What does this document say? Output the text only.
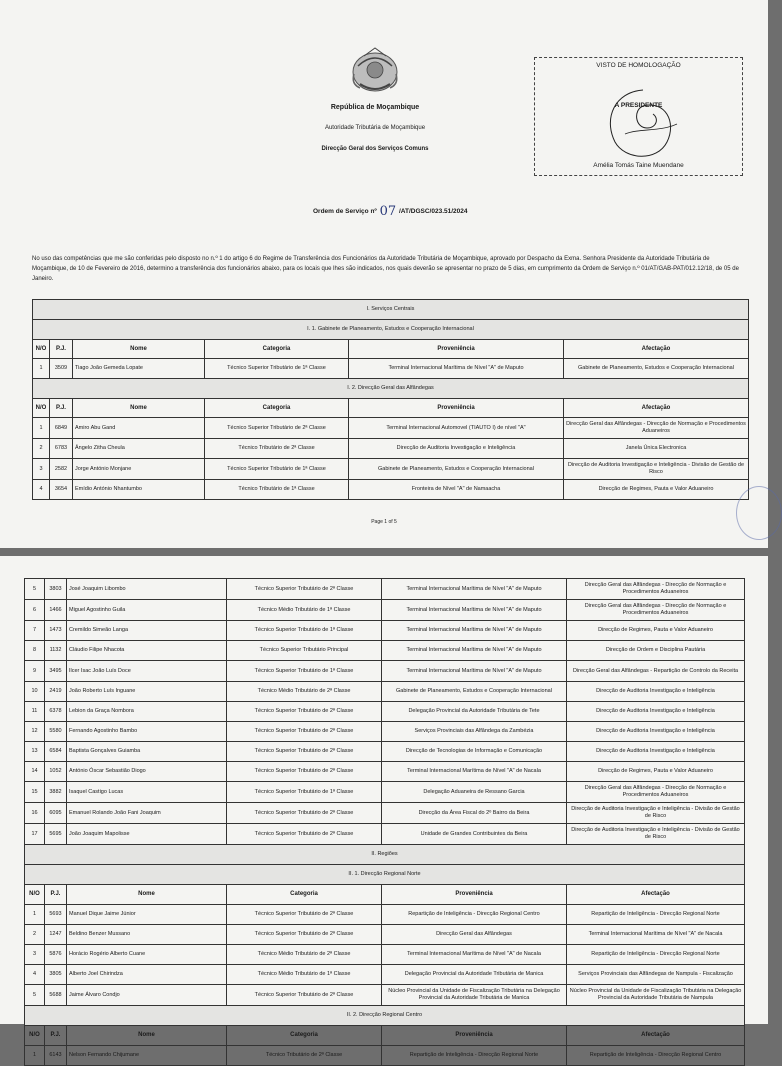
República de Moçambique
Autoridade Tributária de Moçambique
Direcção Geral dos Serviços Comuns
VISTO DE HOMOLOGAÇÃO
A PRESIDENTE
Amélia Tomás Taine Muendane
Ordem de Serviço nº 07 /AT/DGSC/023.51/2024

No uso das competências que me são conferidas pelo disposto no n.º 1 do artigo 6 do Regime de Transferência dos Funcionários da Autoridade Tributária de Moçambique, aprovado por Despacho da Exma. Senhora Presidente da Autoridade Tributária de Moçambique, de 10 de Fevereiro de 2016, determino a transferência dos funcionários abaixo, para os locais que lhes são indicados, nos quais deverão se apresentar no prazo de 5 dias, em cumprimento da Ordem de Serviço n.º 01/AT/GAB-PAT/012.12/18, de 05 de Janeiro.

I. Serviços Centrais					
I. 1. Gabinete de Planeamento, Estudos e Cooperação Internacional					
N/O	P.J.	Nome	Categoria	Proveniência	Afectação
1	3509	Tiago João Gemeda Lopate	Técnico Superior Tributário de 1ª Classe	Terminal Internacional Marítima de Nível "A" de Maputo	Gabinete de Planeamento, Estudos e Cooperação Internacional
I. 2. Direcção Geral das Alfândegas					
N/O	P.J.	Nome	Categoria	Proveniência	Afectação
1	6849	Amiro Abu Gand	Técnico Superior Tributário de 2ª Classe	Terminal Internacional Automovel (TIAUTO I) de nível "A"	Direcção Geral das Alfândegas - Direcção de Normação e Procedimentos Aduaneiros
2	6783	Ângelo Zitha Cheula	Técnico Tributário de 2ª Classe	Direcção de Auditoria Investigação e Inteligência	Janela Única Electronica
3	2582	Jorge António Monjane	Técnico Superior Tributário de 1ª Classe	Gabinete de Planeamento, Estudos e Cooperação Internacional	Direcção de Auditoria Investigação e Inteligência - Divisão de Gestão de Risco
4	3654	Emídio António Nhantumbo	Técnico Tributário de 1ª Classe	Fronteira de Nível "A" de Namaacha	Direcção de Regimes, Pauta e Valor Aduaneiro
Page 1 of 5
5	3803	José Joaquim Libombo	Técnico Superior Tributário de 2ª Classe	Terminal Internacional Marítima de Nível "A" de Maputo	Direcção Geral das Alfândegas - Direcção de Normação e Procedimentos Aduaneiros
6	1466	Miguel Agostinho Guila	Técnico Médio Tributário de 1ª Classe	Terminal Internacional Marítima de Nível "A" de Maputo	Direcção Geral das Alfândegas - Direcção de Normação e Procedimentos Aduaneiros
7	1473	Cremildo Simeão Langa	Técnico Superior Tributário de 1ª Classe	Terminal Internacional Marítima de Nível "A" de Maputo	Direcção de Regimes, Pauta e Valor Aduaneiro
8	1132	Cláudio Filipe Nhacota	Técnico Superior Tributário Principal	Terminal Internacional Marítima de Nível "A" de Maputo	Direcção de Ordem e Disciplina Pautária
9	3495	Ilcer Isac João Luís Doce	Técnico Superior Tributário de 1ª Classe	Terminal Internacional Marítima de Nível "A" de Maputo	Direcção Geral das Alfândegas - Repartição de Controlo da Receita
10	2419	João Roberto Luís Inguane	Técnico Médio Tributário de 2ª Classe	Gabinete de Planeamento, Estudos e Cooperação Internacional	Direcção de Auditoria Investigação e Inteligência
11	6378	Lebion da Graça Nombora	Técnico Superior Tributário de 2ª Classe	Delegação Provincial da Autoridade Tributária de Tete	Direcção de Auditoria Investigação e Inteligência
12	5580	Fernando Agostinho Bambo	Técnico Superior Tributário de 2ª Classe	Serviços Provinciais das Alfândega da Zambézia	Direcção de Auditoria Investigação e Inteligência
13	6584	Baptista Gonçalves Guiamba	Técnico Superior Tributário de 2ª Classe	Direcção de Tecnologias de Informação e Comunicação	Direcção de Auditoria Investigação e Inteligência
14	1052	António Óscar Sebastião Diogo	Técnico Superior Tributário de 2ª Classe	Terminal Internacional Marítima de Nível "A" de Nacala	Direcção de Regimes, Pauta e Valor Aduaneiro
15	3882	Isaquel Castigo Lucas	Técnico Superior Tributário de 1ª Classe	Delegação Aduaneira de Ressano Garcia	Direcção Geral das Alfândegas - Direcção de Normação e Procedimentos Aduaneiros
16	6095	Emanuel Rolando João Fani Joaquim	Técnico Superior Tributário de 2ª Classe	Direcção da Área Fiscal do 2º Bairro da Beira	Direcção de Auditoria Investigação e Inteligência - Divisão de Gestão de Risco
17	5695	João Joaquim Mapolisse	Técnico Superior Tributário de 2ª Classe	Unidade de Grandes Contribuintes da Beira	Direcção de Auditoria Investigação e Inteligência - Divisão de Gestão de Risco
II. Regiões					
II. 1. Direcção Regional Norte					
N/O	P.J.	Nome	Categoria	Proveniência	Afectação
1	5693	Manuel Dique Jaime Júnior	Técnico Superior Tributário de 2ª Classe	Repartição de Inteligência - Direcção Regional Centro	Repartição de Inteligência - Direcção Regional Norte
2	1247	Beldino Benzer Mussano	Técnico Superior Tributário de 2ª Classe	Direcção Geral das Alfândegas	Terminal Internacional Marítima de Nível "A" de Nacala
3	5876	Horácio Rogério Alberto Cuane	Técnico Médio Tributário de 2ª Classe	Terminal Internacional Marítima de Nível "A" de Nacala	Repartição de Inteligência - Direcção Regional Norte
4	3805	Alberto Joel Chirindza	Técnico Médio Tributário de 1ª Classe	Delegação Provincial da Autoridade Tributária de Manica	Serviços Provinciais das Alfândegas de Nampula - Fiscalização
5	5688	Jaime Álvaro Condjo	Técnico Superior Tributário de 2ª Classe	Núcleo Provincial da Unidade de Fiscalização Tributária na Delegação Provincial da Autoridade Tributária de Manica	Núcleo Provincial da Unidade de Fiscalização Tributária na Delegação Provincial da Autoridade Tributária de Nampula
II. 2. Direcção Regional Centro					
N/O	P.J.	Nome	Categoria	Proveniência	Afectação
1	6143	Nelson Fernando Chijumane	Técnico Tributário de 2ª Classe	Repartição de Inteligência - Direcção Regional Norte	Repartição de Inteligência - Direcção Regional Centro
